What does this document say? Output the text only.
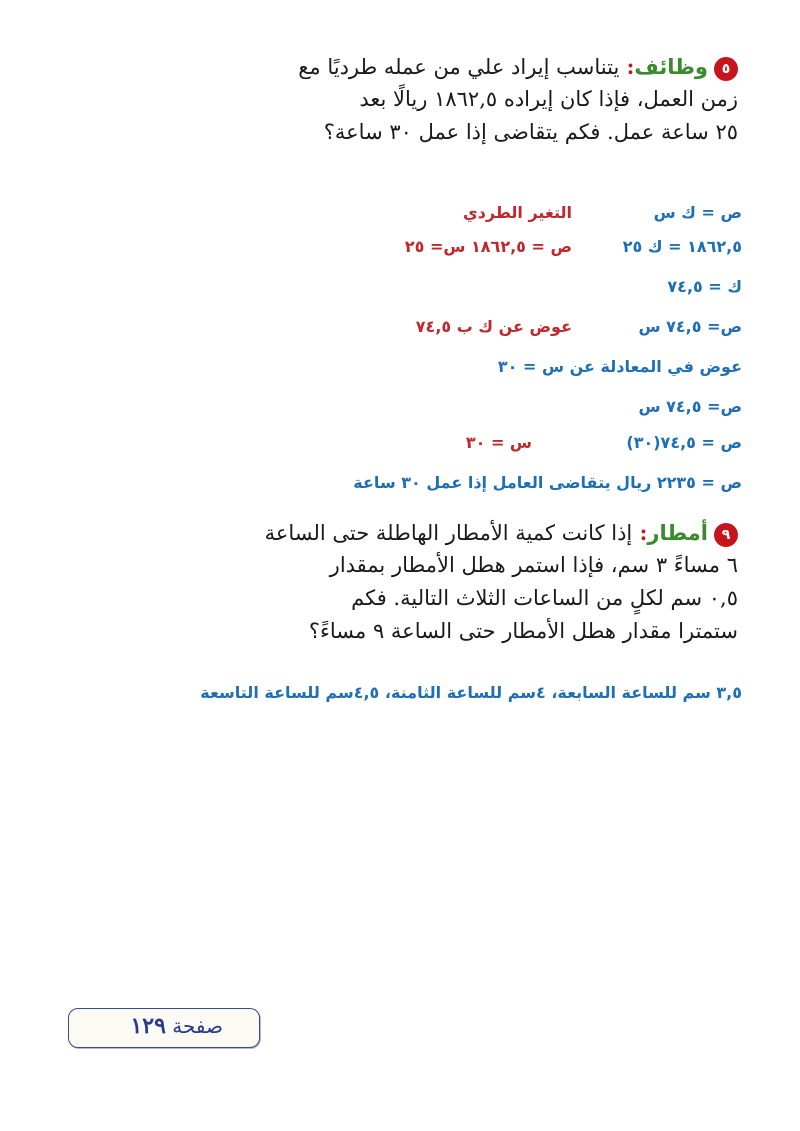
٥وظائف: يتناسب إيراد علي من عمله طرديًا مع
زمن العمل، فإذا كان إيراده ١٨٦٢,٥ ريالًا بعد
٢٥ ساعة عمل. فكم يتقاضى إذا عمل ٣٠ ساعة؟
ص = ك س
التغير الطردي
١٨٦٢,٥ = ك ٢٥
ص = ١٨٦٢,٥ س= ٢٥
ك = ٧٤,٥
ص= ٧٤,٥ س
عوض عن ك ب ٧٤,٥
عوض في المعادلة عن س = ٣٠
ص= ٧٤,٥ س
ص = ٧٤,٥(٣٠)
س = ٣٠
ص = ٢٢٣٥ ريال يتقاضى العامل إذا عمل ٣٠ ساعة
٩أمطار: إذا كانت كمية الأمطار الهاطلة حتى الساعة
٦ مساءً ٣ سم، فإذا استمر هطل الأمطار بمقدار
٠,٥ سم لكلٍ من الساعات الثلاث التالية. فكم
ستمترا مقدار هطل الأمطار حتى الساعة ٩ مساءً؟
٣,٥ سم للساعة السابعة، ٤سم للساعة الثامنة، ٤,٥سم للساعة التاسعة
صفحة ١٢٩
